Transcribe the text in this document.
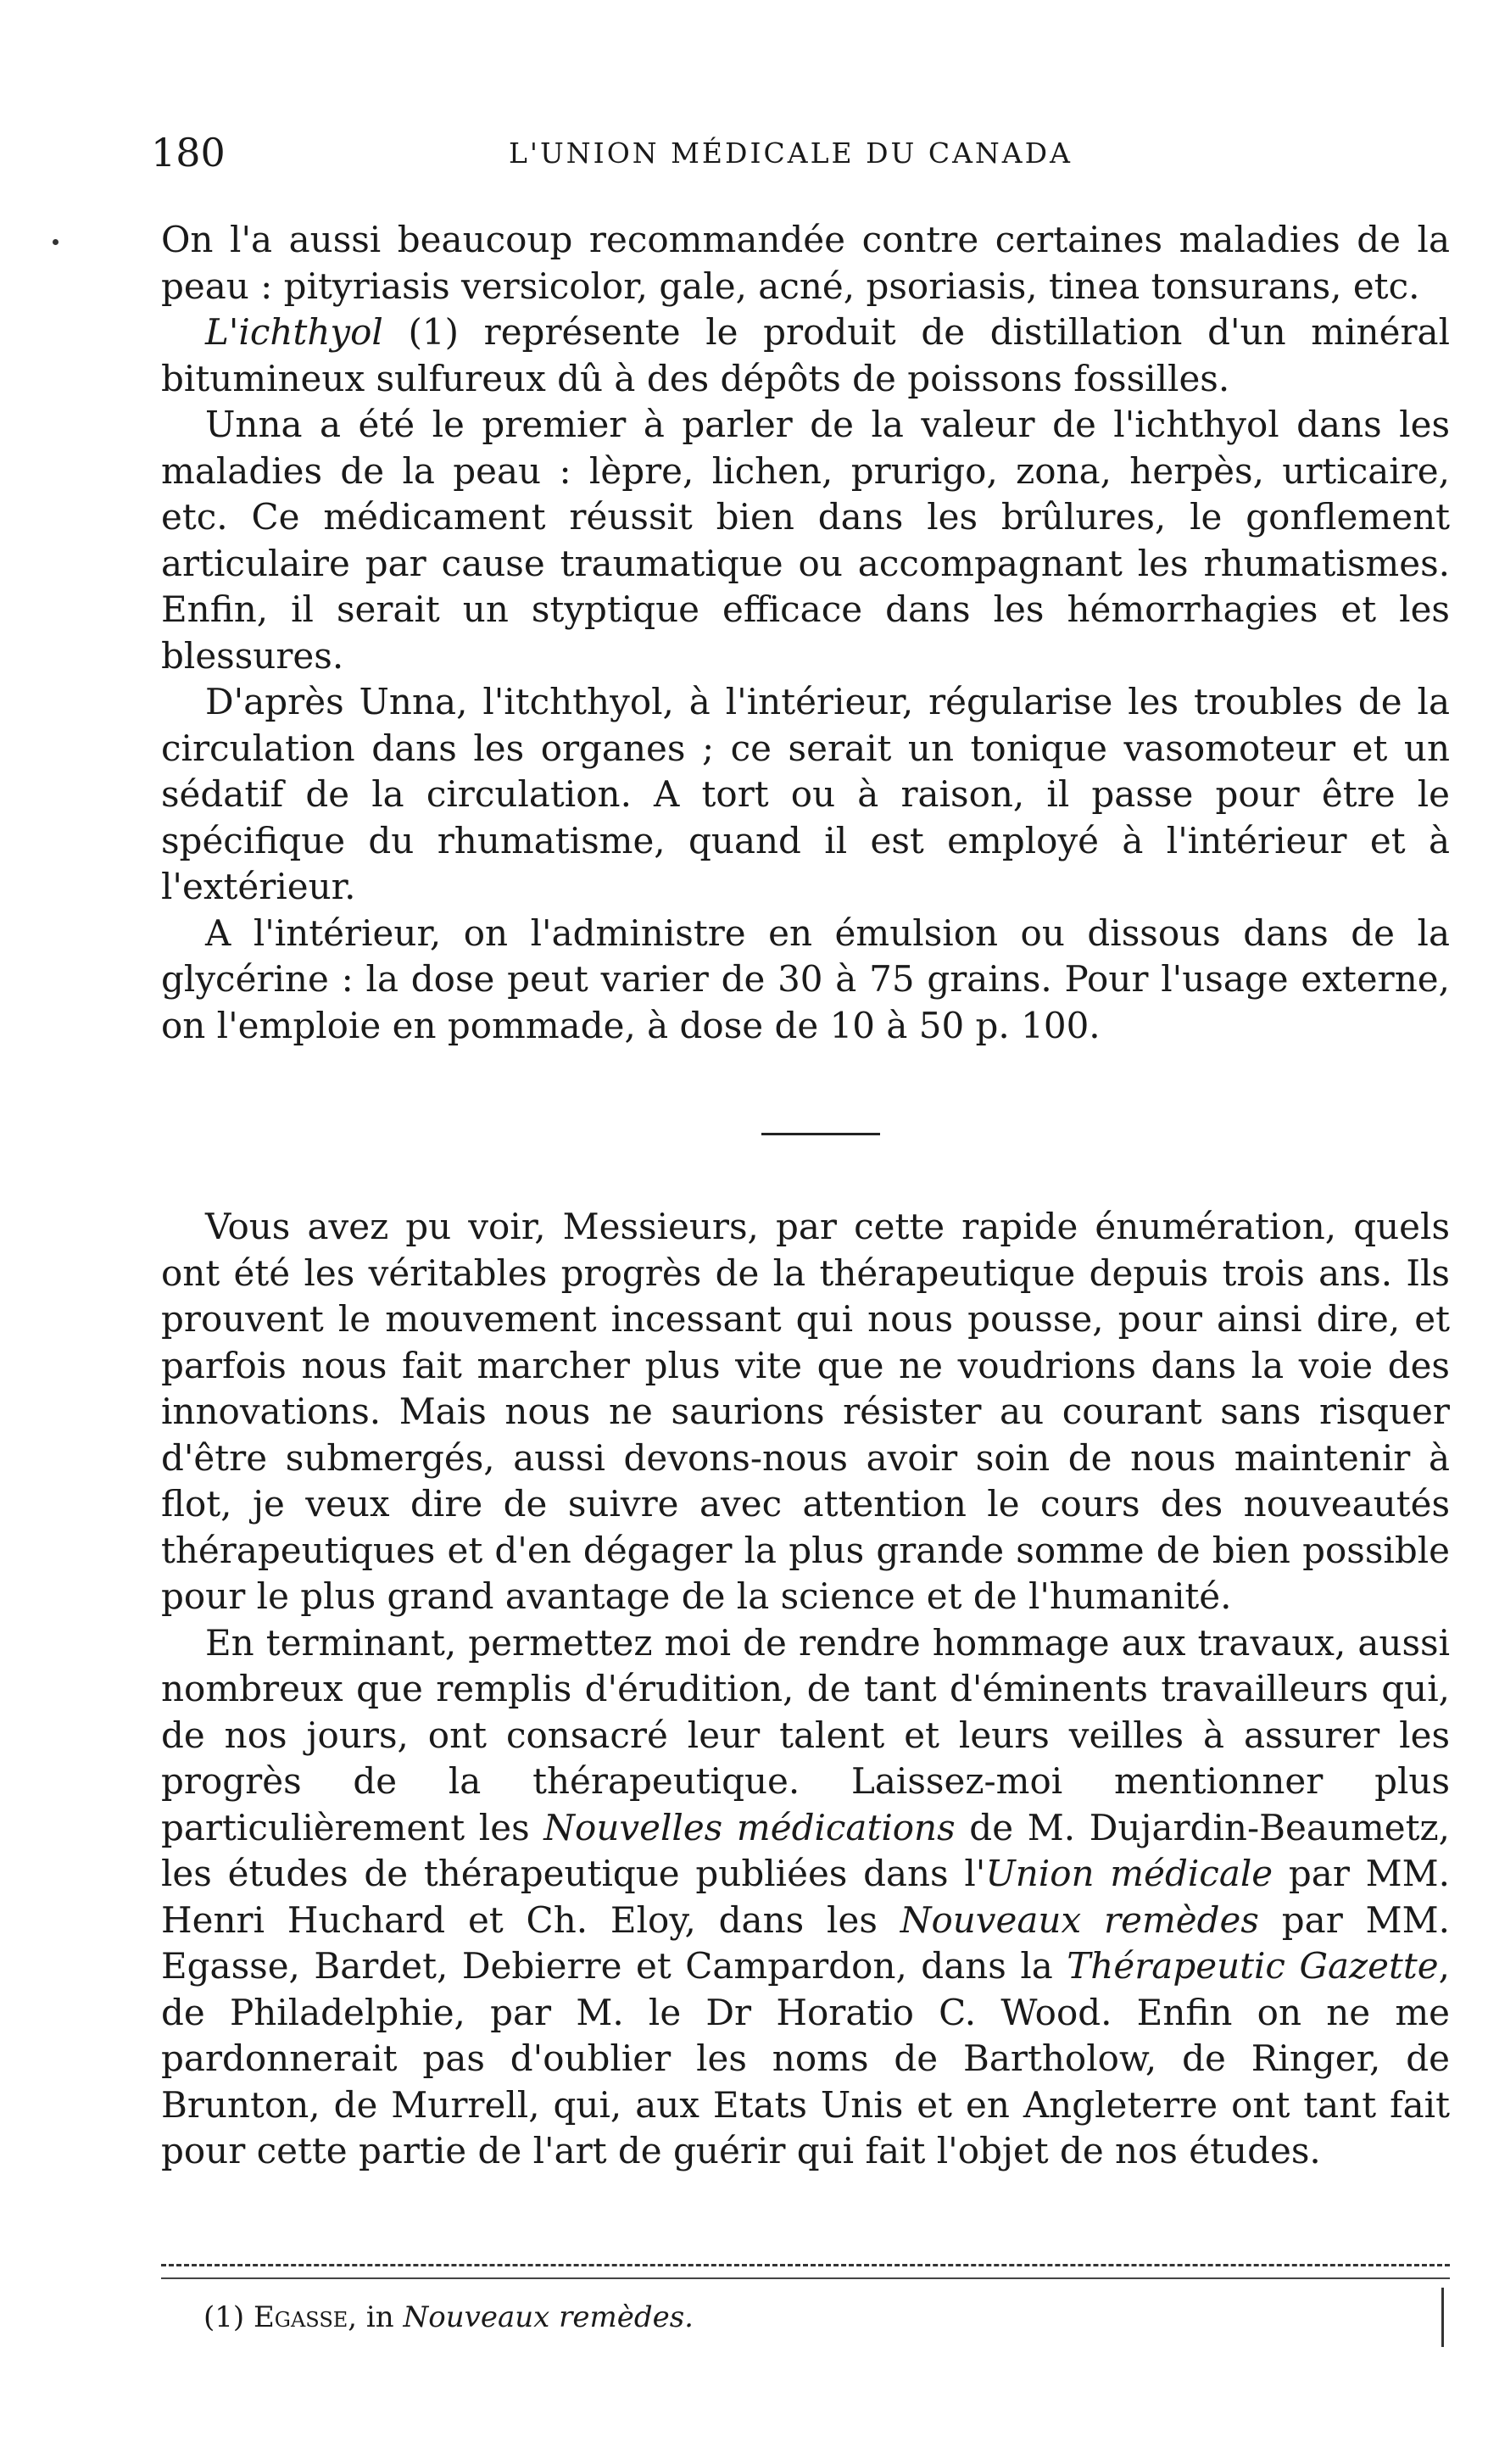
180	L'UNION MÉDICALE DU CANADA

On l'a aussi beaucoup recommandée contre certaines maladies de la peau : pityriasis versicolor, gale, acné, psoriasis, tinea tonsurans, etc.

L'ichthyol (1) représente le produit de distillation d'un minéral bitumineux sulfureux dû à des dépôts de poissons fossilles.

Unna a été le premier à parler de la valeur de l'ichthyol dans les maladies de la peau : lèpre, lichen, prurigo, zona, herpès, urticaire, etc. Ce médicament réussit bien dans les brûlures, le gonflement articulaire par cause traumatique ou accompagnant les rhumatismes. Enfin, il serait un styptique efficace dans les hémorrhagies et les blessures.

D'après Unna, l'itchthyol, à l'intérieur, régularise les troubles de la circulation dans les organes ; ce serait un tonique vasomoteur et un sédatif de la circulation. A tort ou à raison, il passe pour être le spécifique du rhumatisme, quand il est employé à l'intérieur et à l'extérieur.

A l'intérieur, on l'administre en émulsion ou dissous dans de la glycérine : la dose peut varier de 30 à 75 grains. Pour l'usage externe, on l'emploie en pommade, à dose de 10 à 50 p. 100.

Vous avez pu voir, Messieurs, par cette rapide énumération, quels ont été les véritables progrès de la thérapeutique depuis trois ans. Ils prouvent le mouvement incessant qui nous pousse, pour ainsi dire, et parfois nous fait marcher plus vite que ne voudrions dans la voie des innovations. Mais nous ne saurions résister au courant sans risquer d'être submergés, aussi devons-nous avoir soin de nous maintenir à flot, je veux dire de suivre avec attention le cours des nouveautés thérapeutiques et d'en dégager la plus grande somme de bien possible pour le plus grand avantage de la science et de l'humanité.

En terminant, permettez moi de rendre hommage aux travaux, aussi nombreux que remplis d'érudition, de tant d'éminents travailleurs qui, de nos jours, ont consacré leur talent et leurs veilles à assurer les progrès de la thérapeutique. Laissez-moi mentionner plus particulièrement les Nouvelles médications de M. Dujardin-Beaumetz, les études de thérapeutique publiées dans l'Union médicale par MM. Henri Huchard et Ch. Eloy, dans les Nouveaux remèdes par MM. Egasse, Bardet, Debierre et Campardon, dans la Thérapeutic Gazette, de Philadelphie, par M. le Dr Horatio C. Wood. Enfin on ne me pardonnerait pas d'oublier les noms de Bartholow, de Ringer, de Brunton, de Murrell, qui, aux Etats Unis et en Angleterre ont tant fait pour cette partie de l'art de guérir qui fait l'objet de nos études.

(1) Egasse, in Nouveaux remèdes.
